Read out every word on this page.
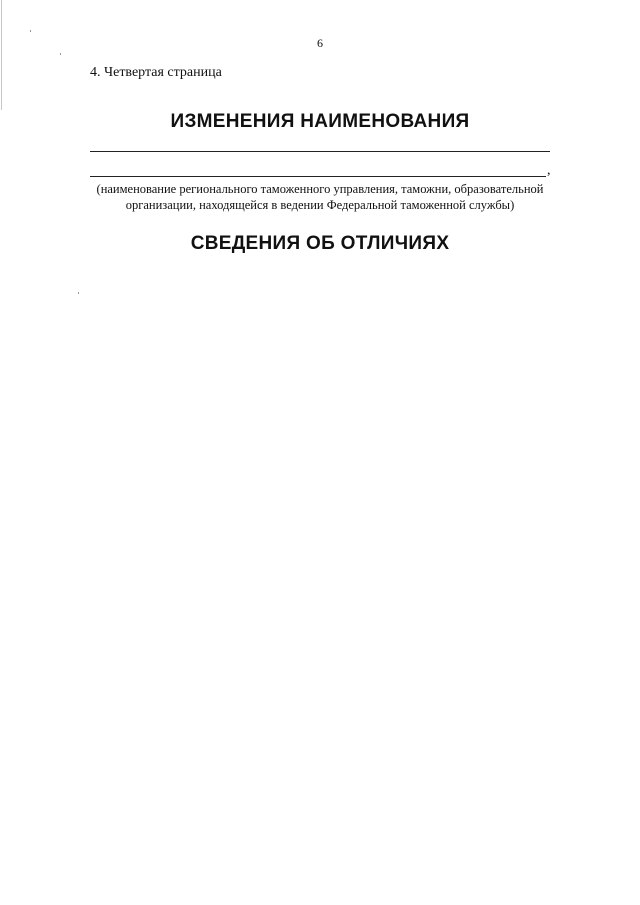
6
4. Четвертая страница
ИЗМЕНЕНИЯ НАИМЕНОВАНИЯ
,
(наименование регионального таможенного управления, таможни, образовательной
организации, находящейся в ведении Федеральной таможенной службы)
СВЕДЕНИЯ ОБ ОТЛИЧИЯХ
